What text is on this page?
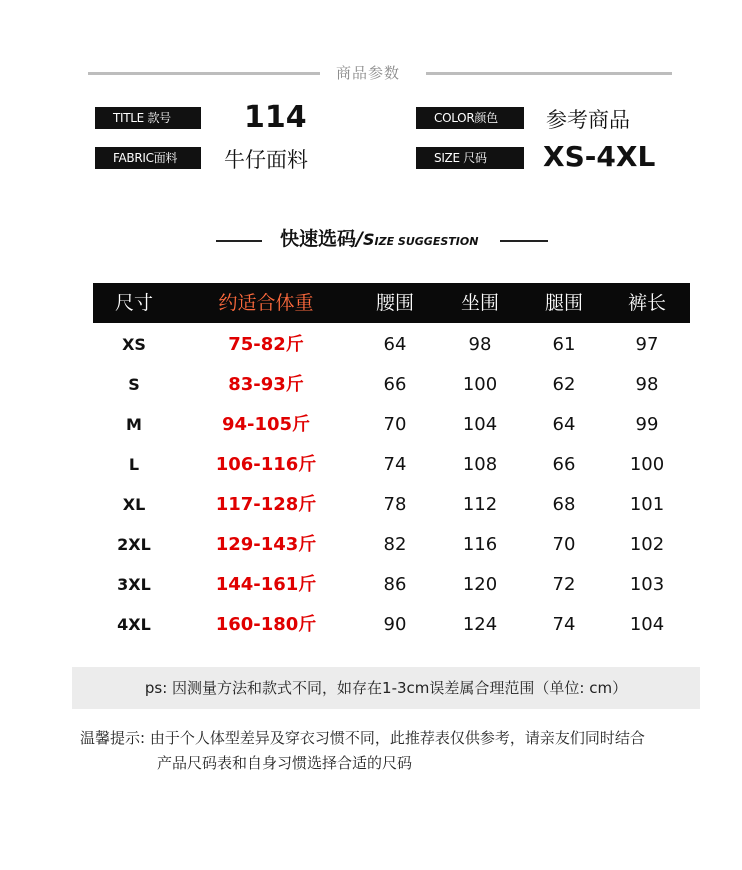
商品参数
TITLE 款号	114	COLOR颜色	参考商品
FABRIC面料	牛仔面料	SIZE 尺码	XS-4XL
快速选码/SIZE SUGGESTION
尺寸	约适合体重	腰围	坐围	腿围	裤长
XS	75-82斤	64	98	61	97
S	83-93斤	66	100	62	98
M	94-105斤	70	104	64	99
L	106-116斤	74	108	66	100
XL	117-128斤	78	112	68	101
2XL	129-143斤	82	116	70	102
3XL	144-161斤	86	120	72	103
4XL	160-180斤	90	124	74	104
ps: 因测量方法和款式不同，如存在1-3cm误差属合理范围（单位: cm）
温馨提示: 由于个人体型差异及穿衣习惯不同，此推荐表仅供参考，请亲友们同时结合
产品尺码表和自身习惯选择合适的尺码
